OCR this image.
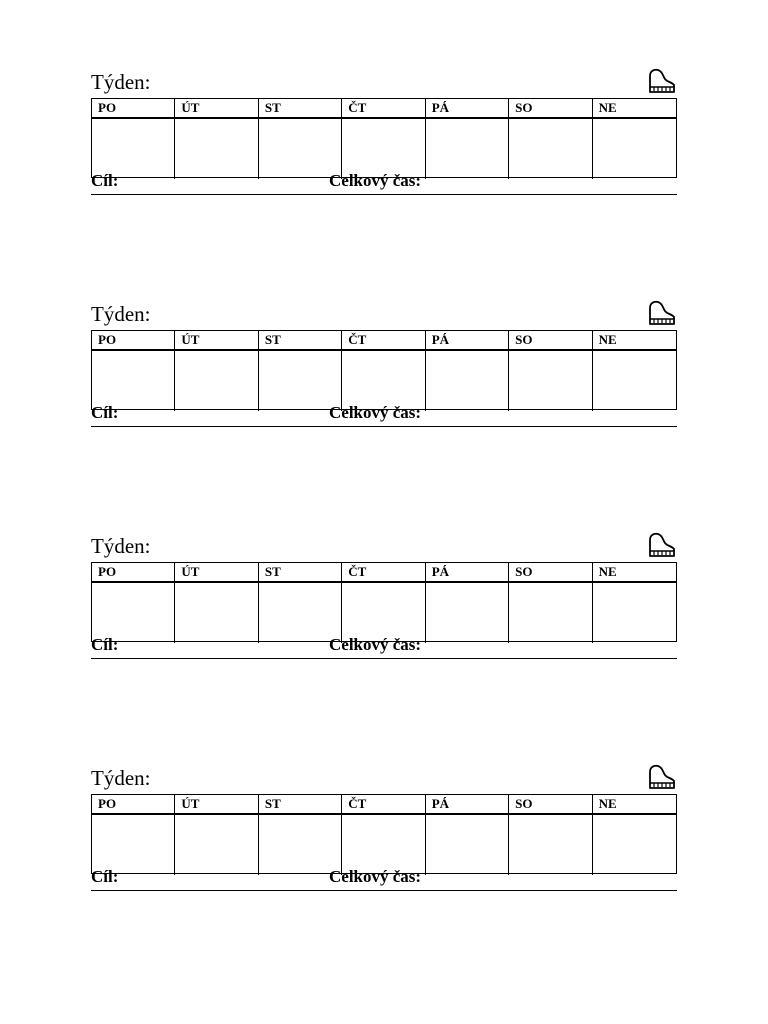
Týden:
PO	ÚT	ST	ČT	PÁ	SO	NE
Cíl:	Celkový čas:
Týden:
PO	ÚT	ST	ČT	PÁ	SO	NE
Cíl:	Celkový čas:
Týden:
PO	ÚT	ST	ČT	PÁ	SO	NE
Cíl:	Celkový čas:
Týden:
PO	ÚT	ST	ČT	PÁ	SO	NE
Cíl:	Celkový čas:
